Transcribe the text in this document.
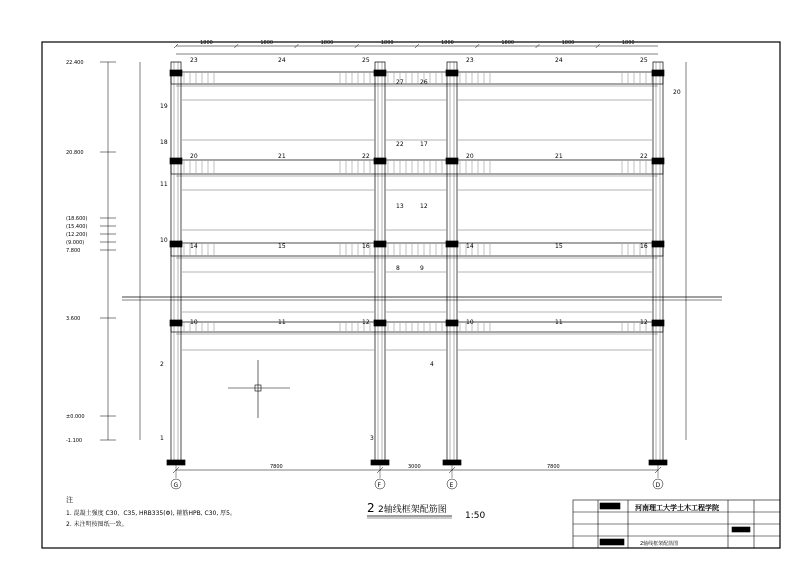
G	F	E	D
7800	3000	7800
1800	1800	1800	1800	1800	1800	1800	1800
22.400
20.800
(18.600)
(15.400)
(12.200)
(9.000)
7.800
3.600
±0.000
-1.100
23	24	25
20	21	22
14	15	16
10	11	12
23	24	25
20	21	22
14	15	16
10	11	12
27	26
22	17
13	12
8	9
1
2
3
4
10
11
18
19
20
2 2轴线框架配筋图
1:50
注
1. 混凝土强度 C30、C35, HRB335(Φ), 箍筋HPB, C30, 厚5。
2. 未注明按图纸一致。
河南理工大学土木工程学院
2轴线框架配筋图
